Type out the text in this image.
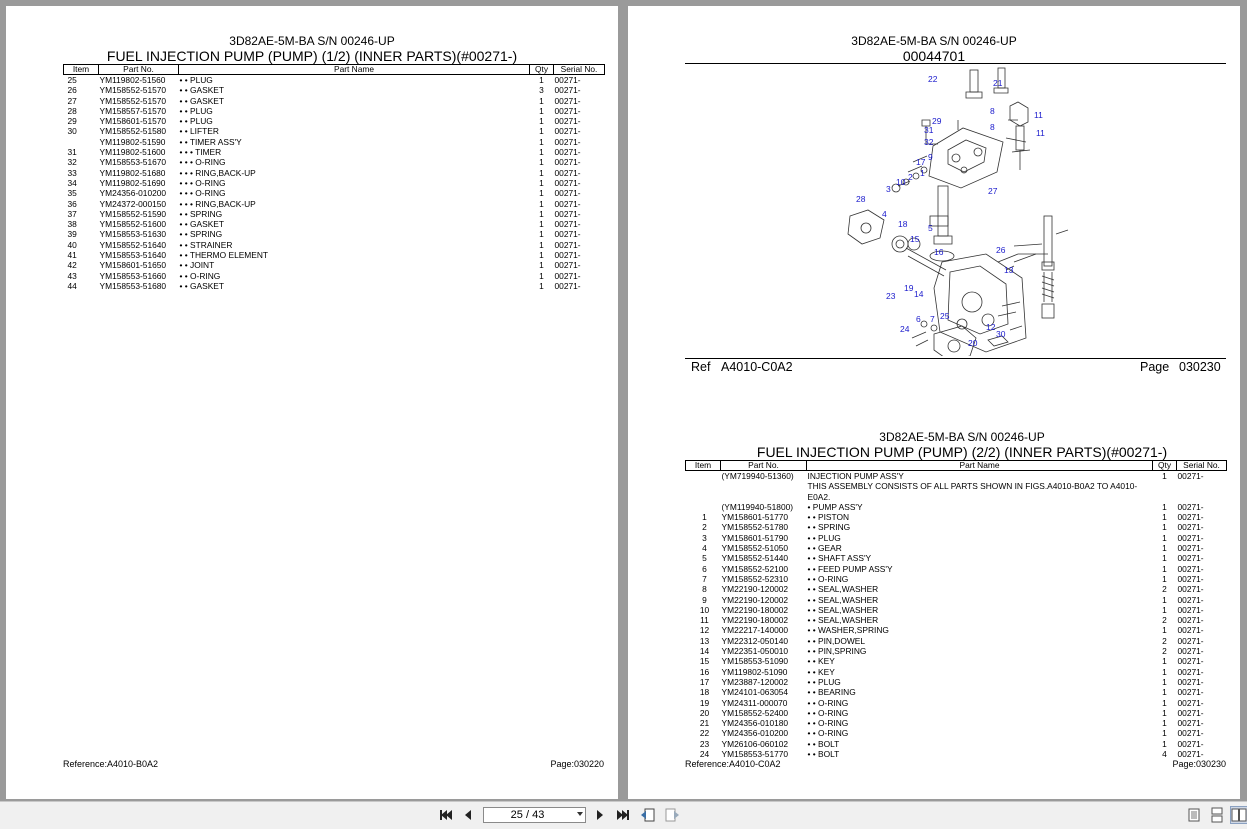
3D82AE-5M-BA S/N 00246-UP
FUEL INJECTION PUMP (PUMP) (1/2) (INNER PARTS)(#00271-)
Item	Part No.	Part Name	Qty	Serial No.
25	YM119802-51560	• • PLUG	1	00271-
26	YM158552-51570	• • GASKET	3	00271-
27	YM158552-51570	• • GASKET	1	00271-
28	YM158557-51570	• • PLUG	1	00271-
29	YM158601-51570	• • PLUG	1	00271-
30	YM158552-51580	• • LIFTER	1	00271-
	YM119802-51590	• • TIMER ASS'Y	1	00271-
31	YM119802-51600	• • • TIMER	1	00271-
32	YM158553-51670	• • • O-RING	1	00271-
33	YM119802-51680	• • • RING,BACK-UP	1	00271-
34	YM119802-51690	• • • O-RING	1	00271-
35	YM24356-010200	• • • O-RING	1	00271-
36	YM24372-000150	• • • RING,BACK-UP	1	00271-
37	YM158552-51590	• • SPRING	1	00271-
38	YM158552-51600	• • GASKET	1	00271-
39	YM158553-51630	• • SPRING	1	00271-
40	YM158552-51640	• • STRAINER	1	00271-
41	YM158553-51640	• • THERMO ELEMENT	1	00271-
42	YM158601-51650	• • JOINT	1	00271-
43	YM158553-51660	• • O-RING	1	00271-
44	YM158553-51680	• • GASKET	1	00271-
Reference:A4010-B0A2	Page:030220
3D82AE-5M-BA S/N 00246-UP
00044701
22	21
8	11
8
11
29
31
32
17 9
2 1
10
3	27
28
4
18 5
15
16	26
13
19
23 14
25
7
6
12
30
24
20
Ref A4010-C0A2	Page 030230
3D82AE-5M-BA S/N 00246-UP
FUEL INJECTION PUMP (PUMP) (2/2) (INNER PARTS)(#00271-)
Item	Part No.	Part Name	Qty	Serial No.
	(YM719940-51360)	INJECTION PUMP ASS'Y	1	00271-
		THIS ASSEMBLY CONSISTS OF ALL PARTS SHOWN IN FIGS.A4010-B0A2 TO A4010-E0A2.		
	(YM119940-51800)	• PUMP ASS'Y	1	00271-
1	YM158601-51770	• • PISTON	1	00271-
2	YM158552-51780	• • SPRING	1	00271-
3	YM158601-51790	• • PLUG	1	00271-
4	YM158552-51050	• • GEAR	1	00271-
5	YM158552-51440	• • SHAFT ASS'Y	1	00271-
6	YM158552-52100	• • FEED PUMP ASS'Y	1	00271-
7	YM158552-52310	• • O-RING	1	00271-
8	YM22190-120002	• • SEAL,WASHER	2	00271-
9	YM22190-120002	• • SEAL,WASHER	1	00271-
10	YM22190-180002	• • SEAL,WASHER	1	00271-
11	YM22190-180002	• • SEAL,WASHER	2	00271-
12	YM22217-140000	• • WASHER,SPRING	1	00271-
13	YM22312-050140	• • PIN,DOWEL	2	00271-
14	YM22351-050010	• • PIN,SPRING	2	00271-
15	YM158553-51090	• • KEY	1	00271-
16	YM119802-51090	• • KEY	1	00271-
17	YM23887-120002	• • PLUG	1	00271-
18	YM24101-063054	• • BEARING	1	00271-
19	YM24311-000070	• • O-RING	1	00271-
20	YM158552-52400	• • O-RING	1	00271-
21	YM24356-010180	• • O-RING	1	00271-
22	YM24356-010200	• • O-RING	1	00271-
23	YM26106-060102	• • BOLT	1	00271-
24	YM158553-51770	• • BOLT	4	00271-
Reference:A4010-C0A2	Page:030230
25 / 43
